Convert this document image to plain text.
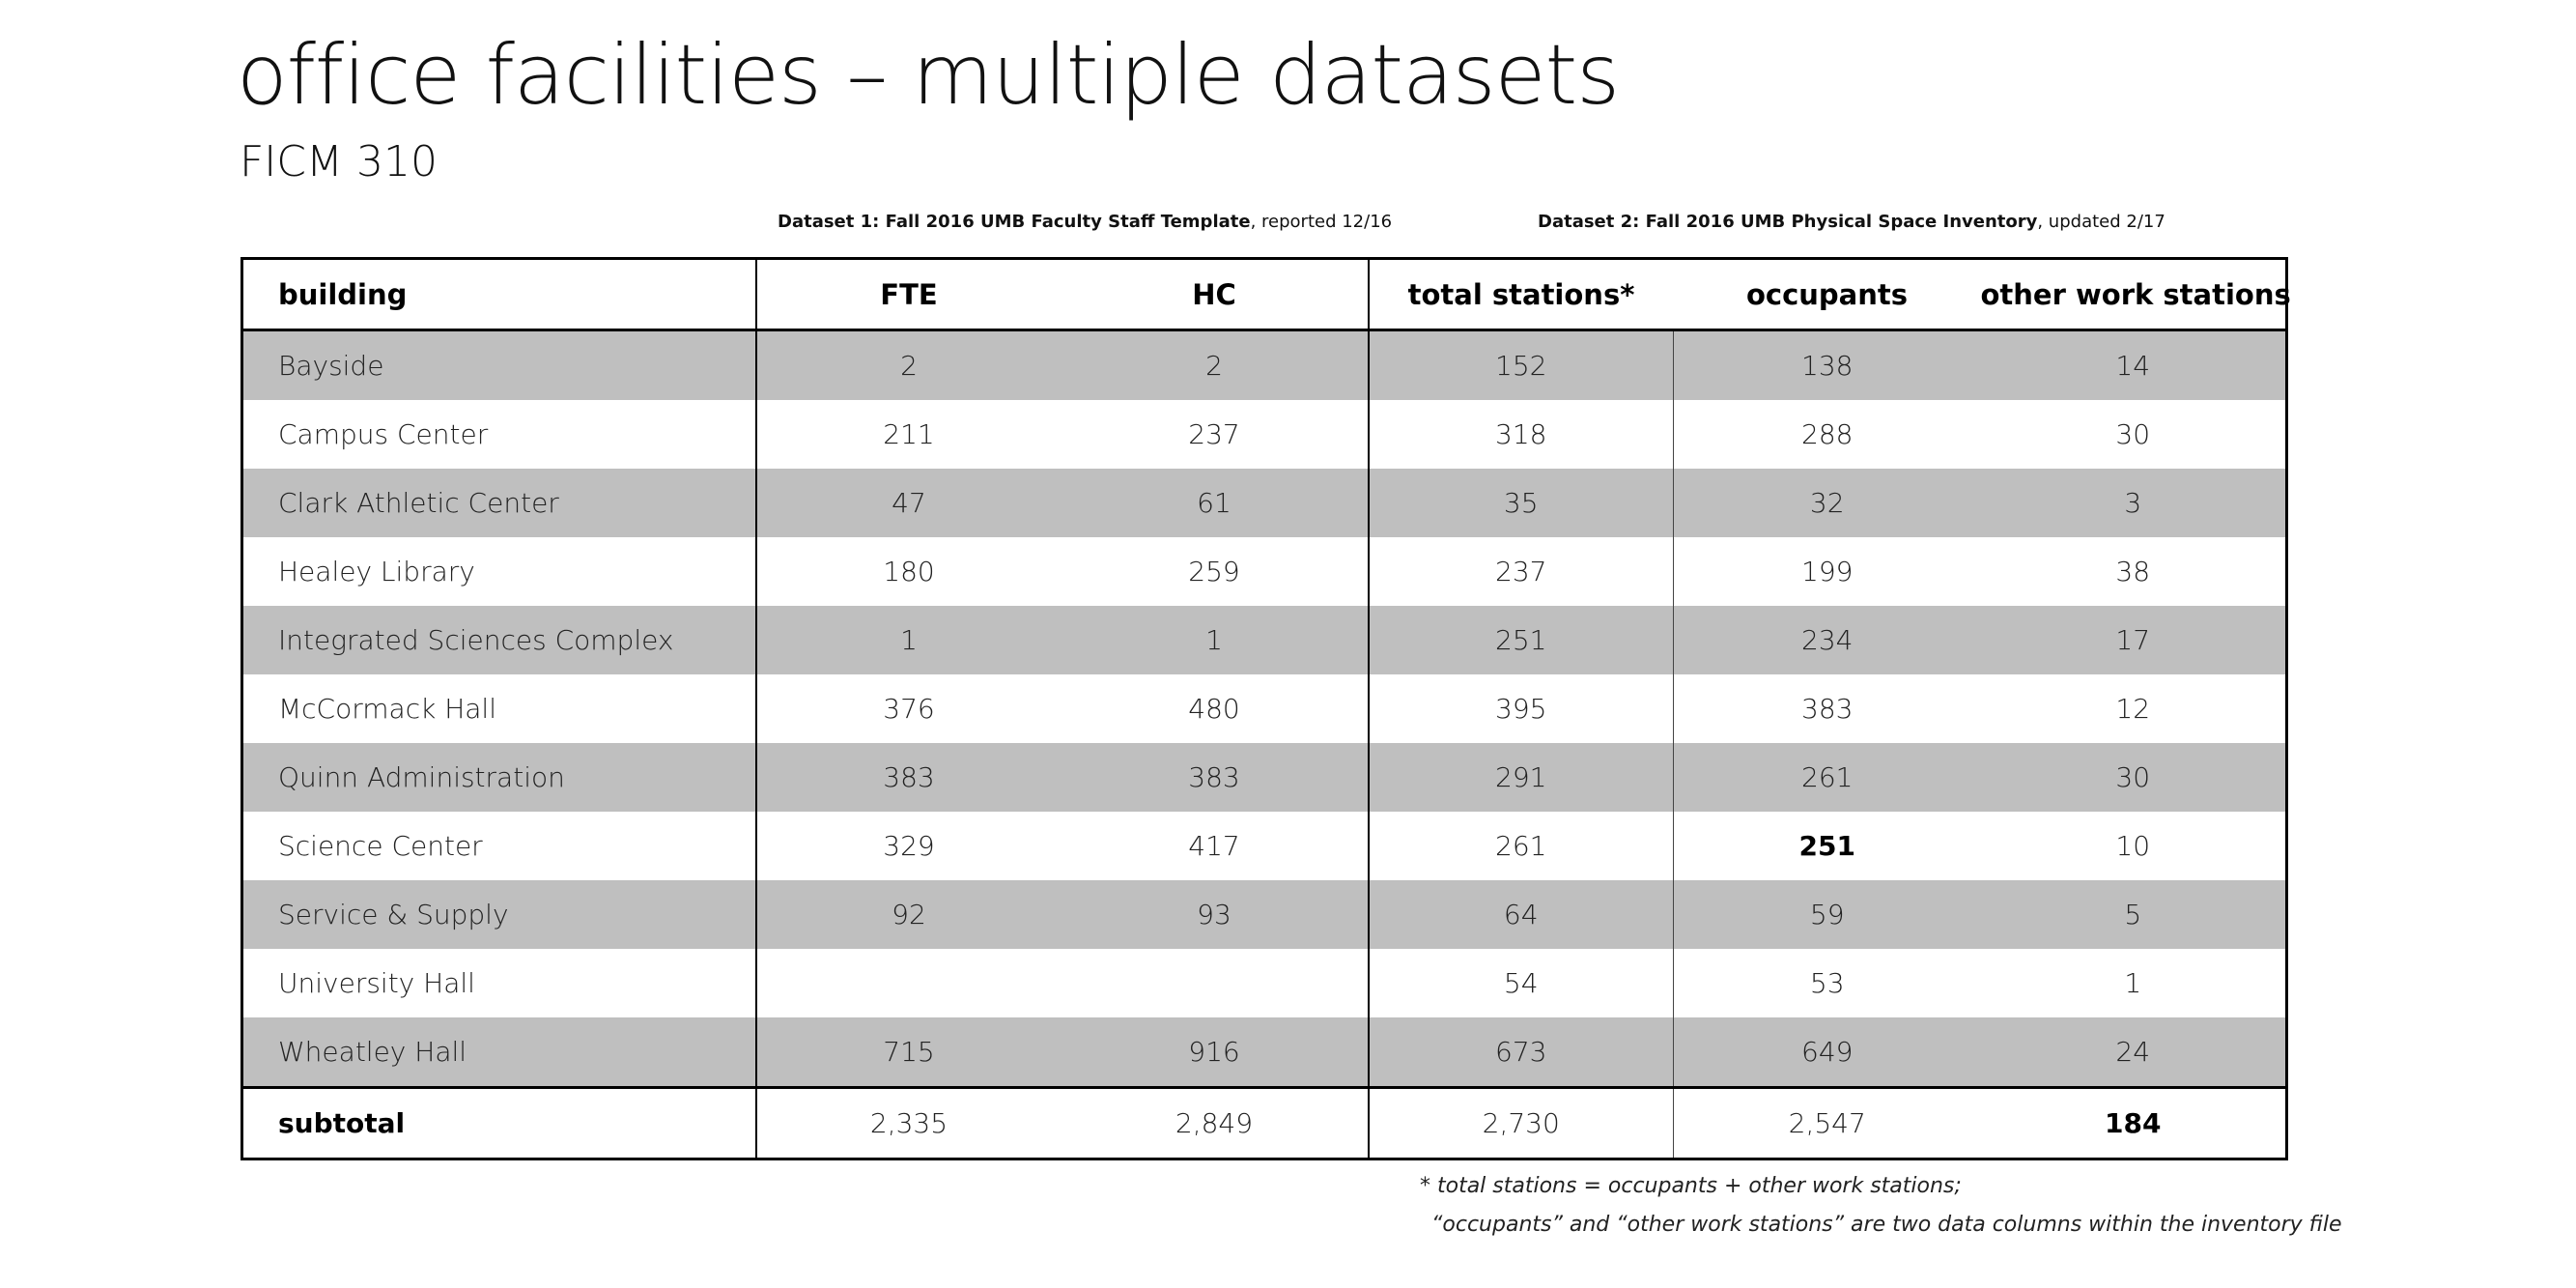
office facilities – multiple datasets
FICM 310
Dataset 1: Fall 2016 UMB Faculty Staff Template, reported 12/16	Dataset 2: Fall 2016 UMB Physical Space Inventory, updated 2/17
building	FTE	HC	total stations*	occupants	other work stations
Bayside	2	2	152	138	14
Campus Center	211	237	318	288	30
Clark Athletic Center	47	61	35	32	3
Healey Library	180	259	237	199	38
Integrated Sciences Complex	1	1	251	234	17
McCormack Hall	376	480	395	383	12
Quinn Administration	383	383	291	261	30
Science Center	329	417	261	251	10
Service & Supply	92	93	64	59	5
University Hall			54	53	1
Wheatley Hall	715	916	673	649	24
subtotal	2,335	2,849	2,730	2,547	184
* total stations = occupants + other work stations;
“occupants” and “other work stations” are two data columns within the inventory file
